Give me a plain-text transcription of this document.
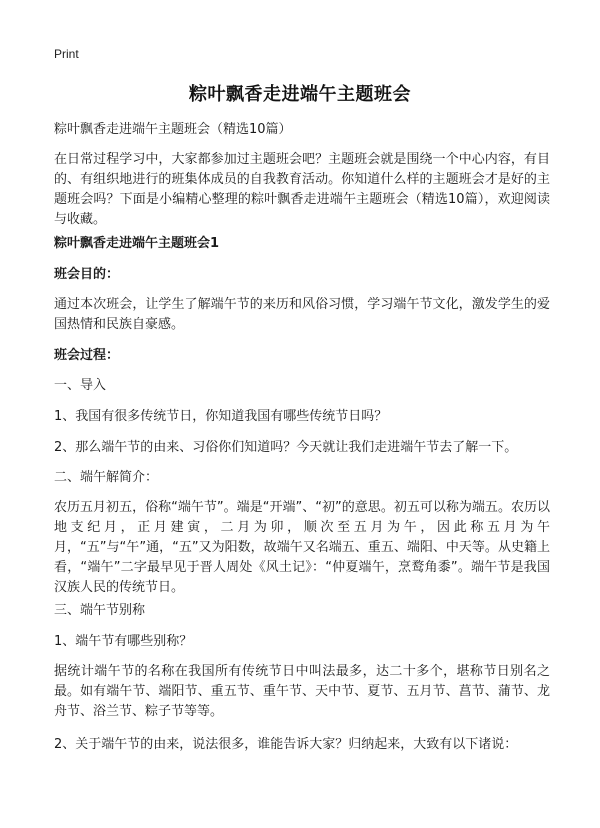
Print
粽叶飘香走进端午主题班会

粽叶飘香走进端午主题班会（精选10篇）

在日常过程学习中，大家都参加过主题班会吧？主题班会就是围绕一个中心内容，有目的、有组织地进行的班集体成员的自我教育活动。你知道什么样的主题班会才是好的主题班会吗？下面是小编精心整理的粽叶飘香走进端午主题班会（精选10篇），欢迎阅读与收藏。

粽叶飘香走进端午主题班会1

班会目的：

通过本次班会，让学生了解端午节的来历和风俗习惯，学习端午节文化，激发学生的爱国热情和民族自豪感。

班会过程：

一、导入

1、我国有很多传统节日，你知道我国有哪些传统节日吗？

2、那么端午节的由来、习俗你们知道吗？今天就让我们走进端午节去了解一下。

二、端午解简介：

农历五月初五，俗称“端午节”。端是“开端”、“初”的意思。初五可以称为端五。农历以地支纪月，正月建寅，二月为卯，顺次至五月为午，因此称五月为午月，“五”与“午”通，“五”又为阳数，故端午又名端五、重五、端阳、中天等。从史籍上看，“端午”二字最早见于晋人周处《风土记》：“仲夏端午，烹鹜角黍”。端午节是我国汉族人民的传统节日。

三、端午节别称

1、端午节有哪些别称？

据统计端午节的名称在我国所有传统节日中叫法最多，达二十多个，堪称节日别名之最。如有端午节、端阳节、重五节、重午节、天中节、夏节、五月节、菖节、蒲节、龙舟节、浴兰节、粽子节等等。

2、关于端午节的由来，说法很多，谁能告诉大家？归纳起来，大致有以下诸说：
